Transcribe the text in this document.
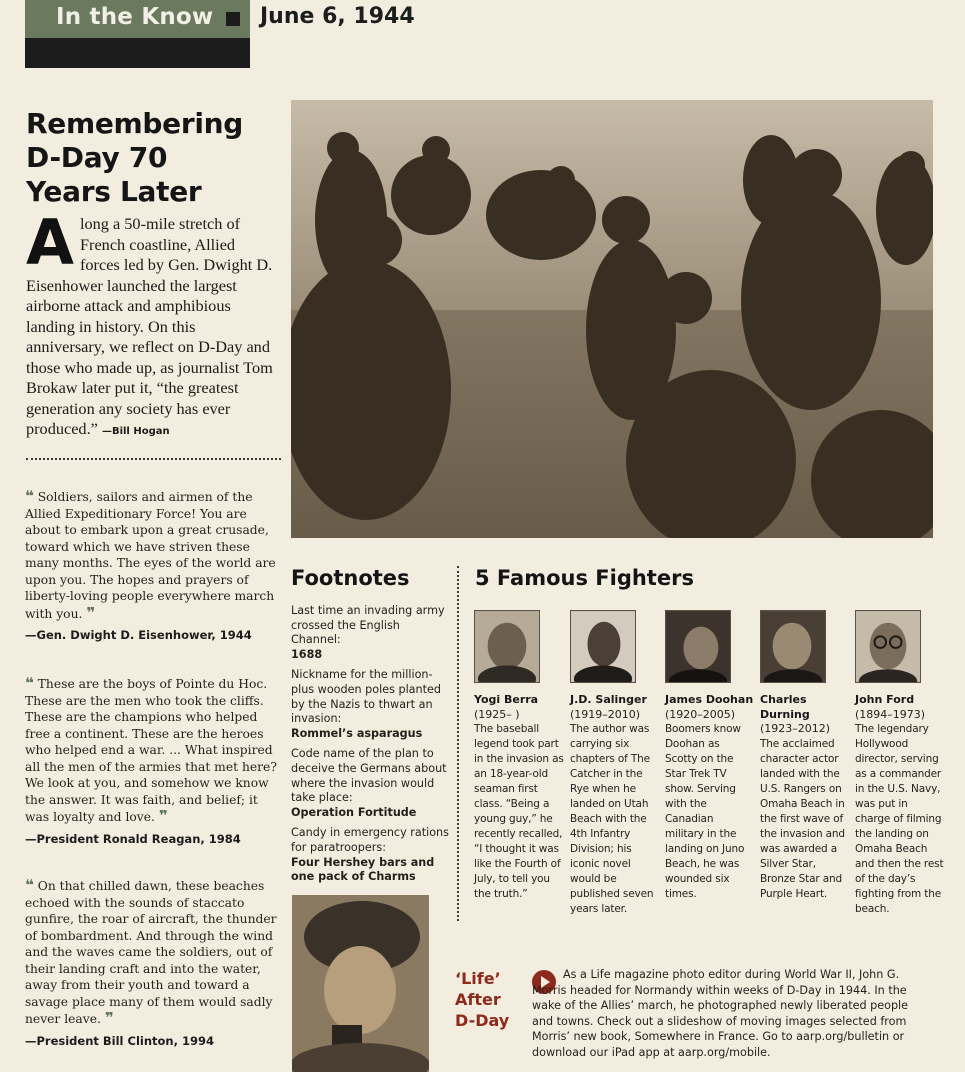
In the Know June 6, 1944
Remembering
D-Day 70
Years Later
Along a 50-mile stretch of French coastline, Allied forces led by Gen. Dwight D. Eisenhower launched the largest airborne attack and amphibious landing in history. On this anniversary, we reflect on D-Day and those who made up, as journalist Tom Brokaw later put it, “the greatest generation any society has ever produced.” —Bill Hogan
❝ Soldiers, sailors and airmen of the Allied Expeditionary Force! You are about to embark upon a great crusade, toward which we have striven these many months. The eyes of the world are upon you. The hopes and prayers of liberty-loving people everywhere march with you. ❞
—Gen. Dwight D. Eisenhower, 1944
❝ These are the boys of Pointe du Hoc. These are the men who took the cliffs. These are the champions who helped free a continent. These are the heroes who helped end a war. ... What inspired all the men of the armies that met here? We look at you, and somehow we know the answer. It was faith, and belief; it was loyalty and love. ❞
—President Ronald Reagan, 1984
❝ On that chilled dawn, these beaches echoed with the sounds of staccato gunfire, the roar of aircraft, the thunder of bombardment. And through the wind and the waves came the soldiers, out of their landing craft and into the water, away from their youth and toward a savage place many of them would sadly never leave. ❞
—President Bill Clinton, 1994
Footnotes
Last time an invading army crossed the English Channel:
1688
Nickname for the million-plus wooden poles planted by the Nazis to thwart an invasion:
Rommel’s asparagus
Code name of the plan to deceive the Germans about where the invasion would take place:
Operation Fortitude
Candy in emergency rations for paratroopers:
Four Hershey bars and one pack of Charms
5 Famous Fighters
Yogi Berra
(1925– )
The baseball legend took part in the invasion as an 18-year-old seaman first class. “Being a young guy,” he recently recalled, “I thought it was like the Fourth of July, to tell you the truth.”
J.D. Salinger
(1919–2010)
The author was carrying six chapters of The Catcher in the Rye when he landed on Utah Beach with the 4th Infantry Division; his iconic novel would be published seven years later.
James Doohan
(1920–2005)
Boomers know Doohan as Scotty on the Star Trek TV show. Serving with the Canadian military in the landing on Juno Beach, he was wounded six times.
Charles Durning
(1923–2012)
The acclaimed character actor landed with the U.S. Rangers on Omaha Beach in the first wave of the invasion and was awarded a Silver Star, Bronze Star and Purple Heart.
John Ford
(1894–1973)
The legendary Hollywood director, serving as a commander in the U.S. Navy, was put in charge of filming the landing on Omaha Beach and then the rest of the day’s fighting from the beach.
‘Life’
After
D-Day
As a Life magazine photo editor during World War II, John G. Morris headed for Normandy within weeks of D-Day in 1944. In the wake of the Allies’ march, he photographed newly liberated people and towns. Check out a slideshow of moving images selected from Morris’ new book, Somewhere in France. Go to aarp.org/bulletin or download our iPad app at aarp.org/mobile.
